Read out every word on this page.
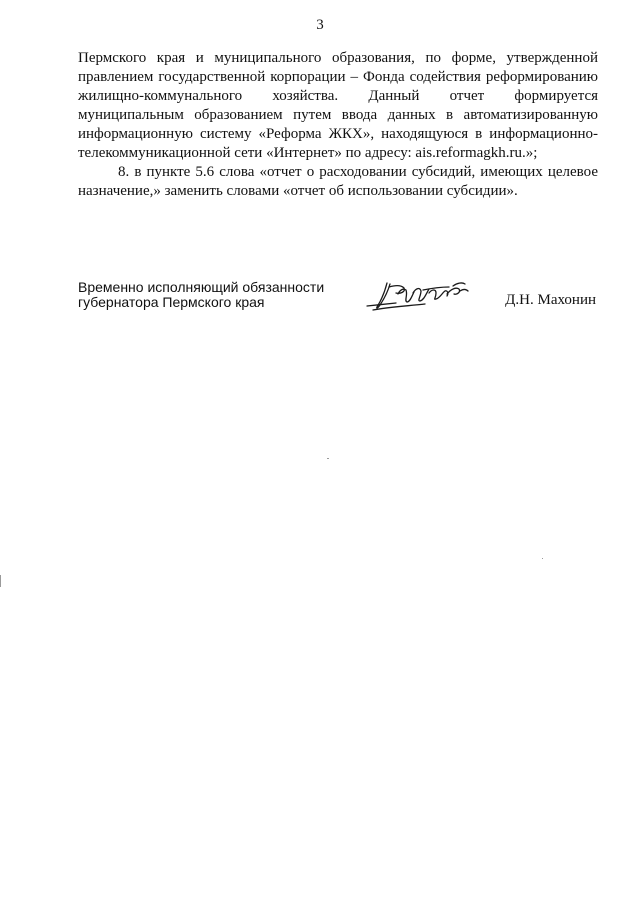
3

Пермского края и муниципального образования, по форме, утвержденной правлением государственной корпорации – Фонда содействия реформированию жилищно-коммунального хозяйства. Данный отчет формируется муниципальным образованием путем ввода данных в автоматизированную информационную систему «Реформа ЖКХ», находящуюся в информационно-телекоммуникационной сети «Интернет» по адресу: ais.reformagkh.ru.»;

8. в пункте 5.6 слова «отчет о расходовании субсидий, имеющих целевое назначение,» заменить словами «отчет об использовании субсидии».

Временно исполняющий обязанности
губернатора Пермского края	Д.Н. Махонин
